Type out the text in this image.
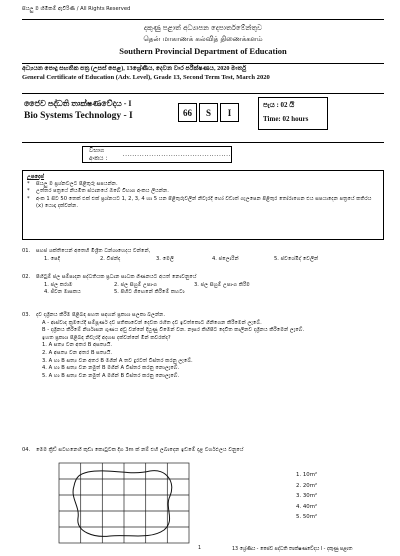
සියලු ම හිමිකම් ඇවිරිණි / All Rights Reserved
දකුණු පළාත් අධ්‍යාපන දෙපාර්තමේන්තුව
தென் மாகாணக் கல்வித் திணைக்களம்
Southern Provincial Department of Education
අධ්‍යයන පොදු සහතික පත්‍ර (උසස් පෙළ), 13ශ්‍රේණිය, දෙවන වාර පරීක්ෂණය, 2020 මාර්තු
General Certificate of Education (Adv. Level), Grade 13, Second Term Test, March 2020
ජෛව පද්ධති තාක්ෂණවේදය - I
Bio Systems Technology - I	66	S	I
පැය : 02 යි
Time: 02 hours
විභාග අංකය :	.............................................
උපදෙස්
*	සියලු ම ප්‍රශ්නවලට පිළිතුරු සපයන්න.
*	උත්තර පත්‍රයේ නියමිත ස්ථානයේ ඔබේ විභාග අංකය ලියන්න.
*	අංක 1 සිට 50 තෙක් එක් එක් ප්‍රශ්නයට 1, 2, 3, 4 හා 5 යන පිළිතුරුවලින් නිවැරදි හෝ වඩාත් ගැලපෙන පිළිතුර තෝරාගෙන එය සපයාදෙන පත්‍රයේ කතිරය (x) යොදා දක්වන්න.
01.	සහජ ශක්තියෙන් අතෙහි මිශ්‍රිත ධන්ශාභෙදය වන්නේ,
1. පෙදි	2. විජන්ද	3. මෙලි	4. ජලොරින්	5. ජවශේමිද් වෙලින්
02.	පිහිටුම් ජල සම්පාදන පද්ධතියක ප්‍රධාන සාධක ගිණනයට අයත් නොවනුයේ
1. ජල කරාම	2. ජල සිහුම් උපාංග	3. ජල සිහුම් උපාංග කිරීම
4. ජිවන මාසකය	5. පිහිට ගිඟෙනේ කිරීමේ කහටා
03.	දව දශ්‍රීනය කිරීම පිළිබඳ පහත සඳහන් ප්‍රකාශ සලකා බලන්න.
A - ආස්වාද ක්‍රමයේදී සම්පූර්ණ දව පතිකාවෙන් දෙවක රහිත දව ඉවත්කොට ගිනිගෙන කිරීමෙන් ලැබේ.
B - දශ්‍රීනය කිරීමේ නිර්ශාසන ගුණය අඩු වන්නේ දියුණු විමෙන් වන. නෑසර කිහිපිට දෙවිත කාලීනව දශ්‍රීනය කිරීමෙන් ලැබේ.
ඉහත ප්‍රකාශ පිළිබඳ නිවැරදි අදහස දක්වන්නේ මින් කවරක්ද?
1. A සත්‍ය වන අතර B අසත්‍යයි.
2. A අසත්‍ය වන අතර B සත්‍යයි.
3. A හා B සත්‍ය වන අතර B මගින් A තව දුරටත් විස්තර කරනු ලැබේ.
4. A හා B සත්‍ය වන නමුත් B මගින් A විස්තර කරනු නොලැබේ.
5. A හා B සත්‍ය වන නමුත් A මගින් B විස්තර කරනු නොලැබේ.
04.	මෙම ක්‍රිඩ් සටහනෙහි කුඩා කොටුවක දිග 3m ක් නම් එහි ලබාදෙන ඉඩමේ දළ වර්ගඵලය වනුයේ
1. 10m²
2. 20m²
3. 30m²
4. 40m²
5. 50m²
1	13 ශ්‍රේණිය - ජෛව පද්ධති තාක්ෂණවේදය I - දකුණු පළාත
